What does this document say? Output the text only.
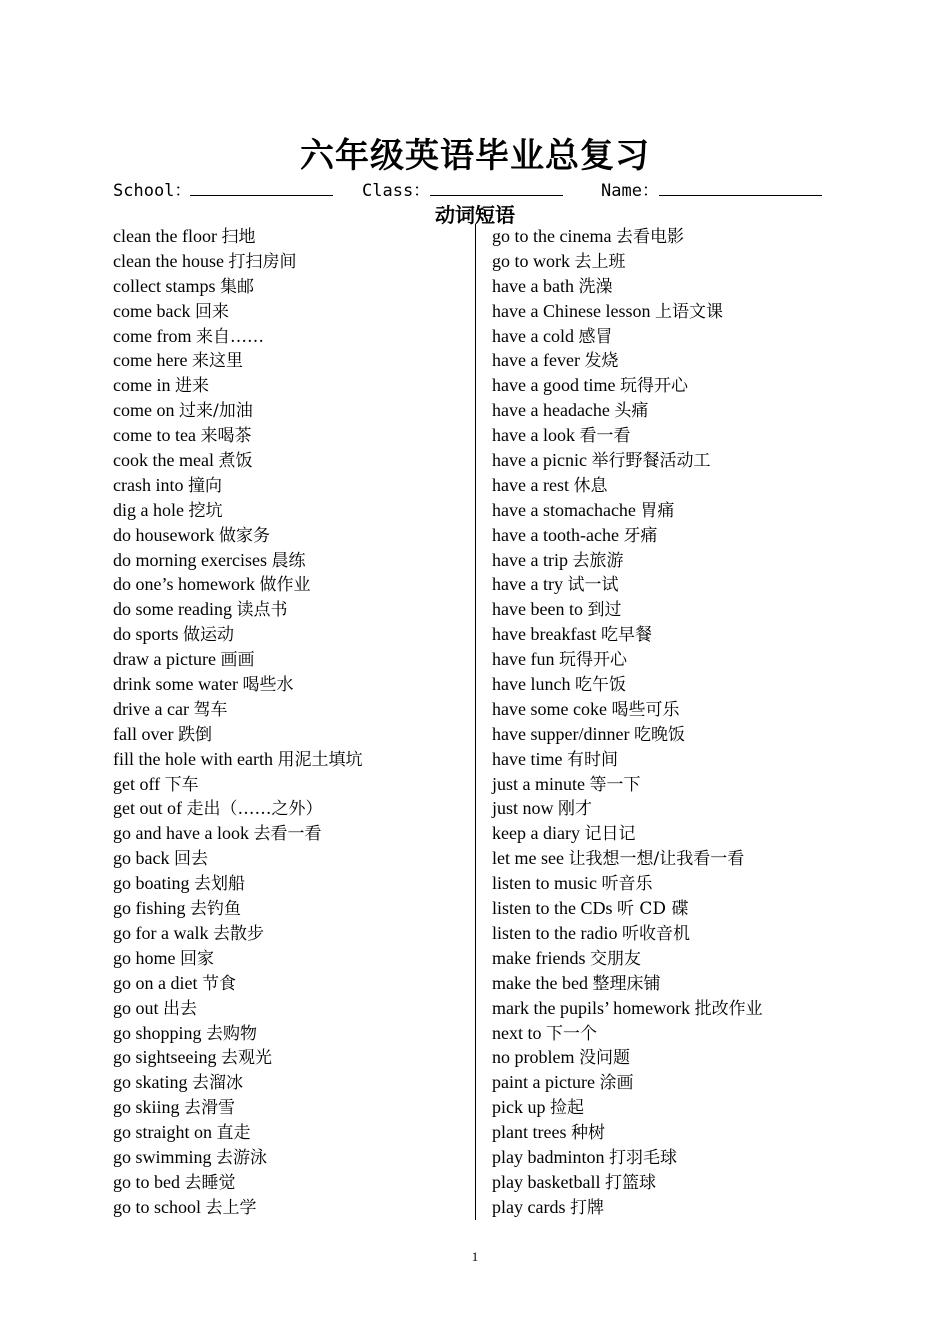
六年级英语毕业总复习
School：	Class：	Name：
动词短语
clean the floor 扫地
clean the house 打扫房间
collect stamps 集邮
come back 回来
come from 来自……
come here 来这里
come in 进来
come on 过来/加油
come to tea 来喝茶
cook the meal 煮饭
crash into 撞向
dig a hole 挖坑
do housework 做家务
do morning exercises 晨练
do one’s homework 做作业
do some reading 读点书
do sports 做运动
draw a picture 画画
drink some water 喝些水
drive a car 驾车
fall over 跌倒
fill the hole with earth 用泥土填坑
get off 下车
get out of 走出（……之外）
go and have a look 去看一看
go back 回去
go boating 去划船
go fishing 去钓鱼
go for a walk 去散步
go home 回家
go on a diet 节食
go out 出去
go shopping 去购物
go sightseeing 去观光
go skating 去溜冰
go skiing 去滑雪
go straight on 直走
go swimming 去游泳
go to bed 去睡觉
go to school 去上学
go to the cinema 去看电影
go to work 去上班
have a bath 洗澡
have a Chinese lesson 上语文课
have a cold 感冒
have a fever 发烧
have a good time 玩得开心
have a headache 头痛
have a look 看一看
have a picnic 举行野餐活动工
have a rest 休息
have a stomachache 胃痛
have a tooth-ache 牙痛
have a trip 去旅游
have a try 试一试
have been to 到过
have breakfast 吃早餐
have fun 玩得开心
have lunch 吃午饭
have some coke 喝些可乐
have supper/dinner 吃晚饭
have time 有时间
just a minute 等一下
just now 刚才
keep a diary 记日记
let me see 让我想一想/让我看一看
listen to music 听音乐
listen to the CDs 听 CD 碟
listen to the radio 听收音机
make friends 交朋友
make the bed 整理床铺
mark the pupils’ homework 批改作业
next to 下一个
no problem 没问题
paint a picture 涂画
pick up 捡起
plant trees 种树
play badminton 打羽毛球
play basketball 打篮球
play cards 打牌
1
